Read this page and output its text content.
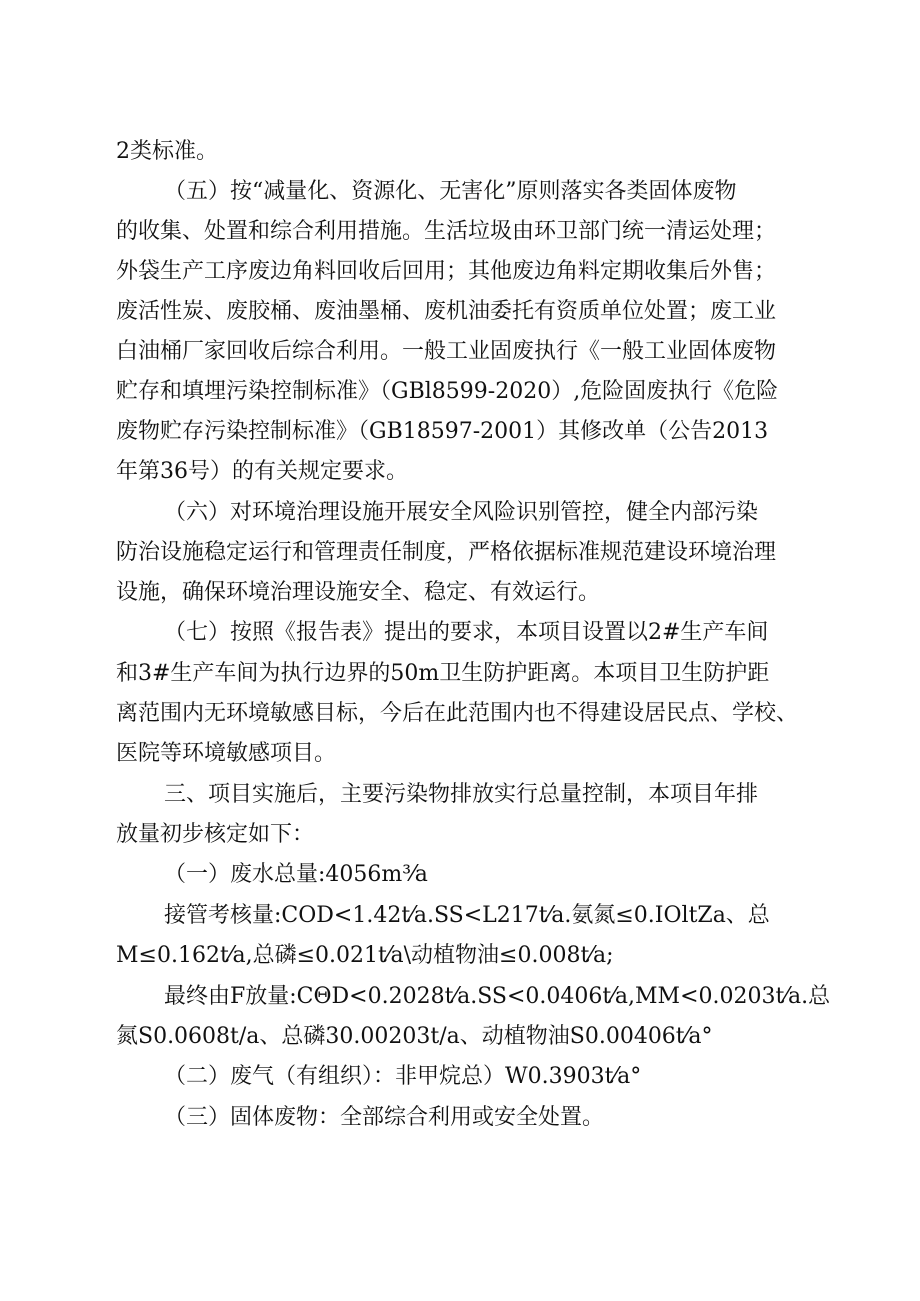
2类标准。
（五）按“减量化、资源化、无害化”原则落实各类固体废物
的收集、处置和综合利用措施。生活垃圾由环卫部门统一清运处理；
外袋生产工序废边角料回收后回用；其他废边角料定期收集后外售；
废活性炭、废胶桶、废油墨桶、废机油委托有资质单位处置；废工业
白油桶厂家回收后综合利用。一般工业固废执行《一般工业固体废物
贮存和填埋污染控制标准》（GBl8599-2020）,危险固废执行《危险
废物贮存污染控制标准》（GB18597-2001）其修改单（公告2013
年第36号）的有关规定要求。
（六）对环境治理设施开展安全风险识别管控，健全内部污染
防治设施稳定运行和管理责任制度，严格依据标准规范建设环境治理
设施，确保环境治理设施安全、稳定、有效运行。
（七）按照《报告表》提出的要求，本项目设置以2#生产车间
和3#生产车间为执行边界的50m卫生防护距离。本项目卫生防护距
离范围内无环境敏感目标，今后在此范围内也不得建设居民点、学校、
医院等环境敏感项目。
三、项目实施后，主要污染物排放实行总量控制，本项目年排
放量初步核定如下：
（一）废水总量:4056m³⁄a
接管考核量:COD<1.42t⁄a.SS<L217t⁄a.氨氮≤0.IOltZa、总
M≤0.162t⁄a,总磷≤0.021t⁄a\动植物油≤0.008t⁄a;
最终由F放量:CΘD<0.2028t⁄a.SS<0.0406t⁄a,MM<0.0203t⁄a.总
氮S0.0608t/a、总磷30.00203t/a、动植物油S0.00406t⁄a°
（二）废气（有组织）：非甲烷总）W0.3903t⁄a°
（三）固体废物：全部综合利用或安全处置。
